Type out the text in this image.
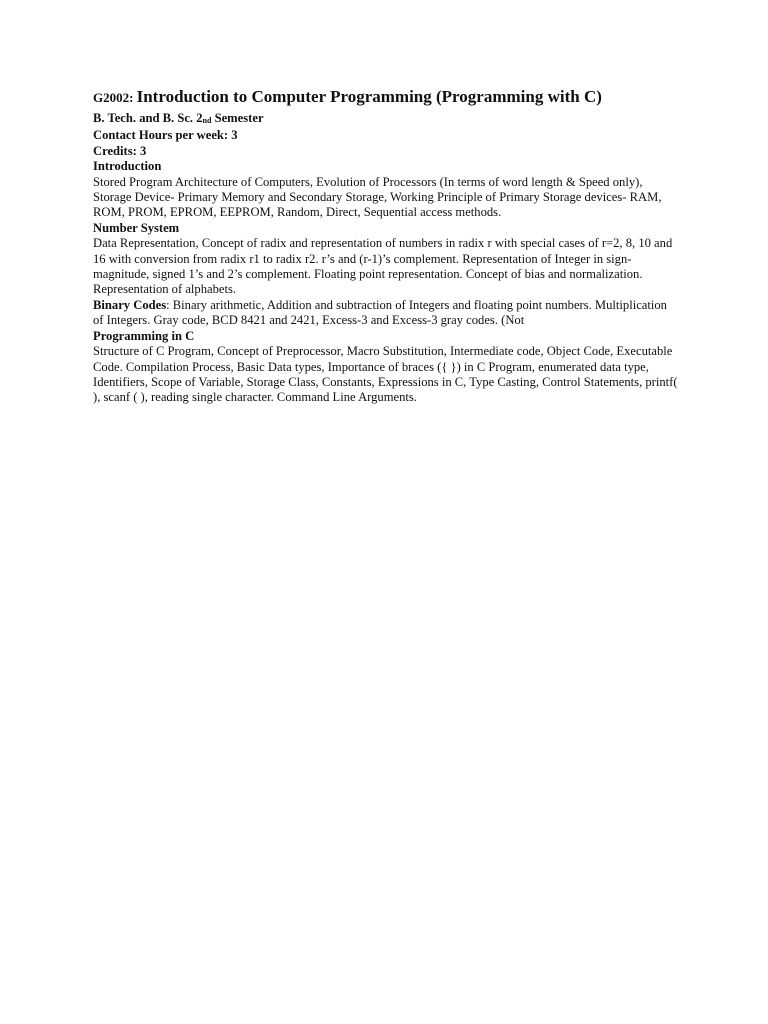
G2002: Introduction to Computer Programming (Programming with C)

B. Tech. and B. Sc. $2_{nd}$ Semester

Contact Hours per week: 3

Credits: 3

Introduction

Stored Program Architecture of Computers, Evolution of Processors (In terms of word length & Speed only), Storage Device- Primary Memory and Secondary Storage, Working Principle of Primary Storage devices- RAM, ROM, PROM, EPROM, EEPROM, Random, Direct, Sequential access methods.

Number System

Data Representation, Concept of radix and representation of numbers in radix r with special cases of r=2, 8, 10 and 16 with conversion from radix r1 to radix r2. r’s and (r-1)’s complement. Representation of Integer in sign-magnitude, signed 1’s and 2’s complement. Floating point representation. Concept of bias and normalization. Representation of alphabets.

Binary Codes: Binary arithmetic, Addition and subtraction of Integers and floating point numbers. Multiplication of Integers. Gray code, BCD 8421 and 2421, Excess-3 and Excess-3 gray codes. (Not

Programming in C

Structure of C Program, Concept of Preprocessor, Macro Substitution, Intermediate code, Object Code, Executable Code. Compilation Process, Basic Data types, Importance of braces ({ }) in C Program, enumerated data type, Identifiers, Scope of Variable, Storage Class, Constants, Expressions in C, Type Casting, Control Statements, printf( ), scanf ( ), reading single character. Command Line Arguments.
